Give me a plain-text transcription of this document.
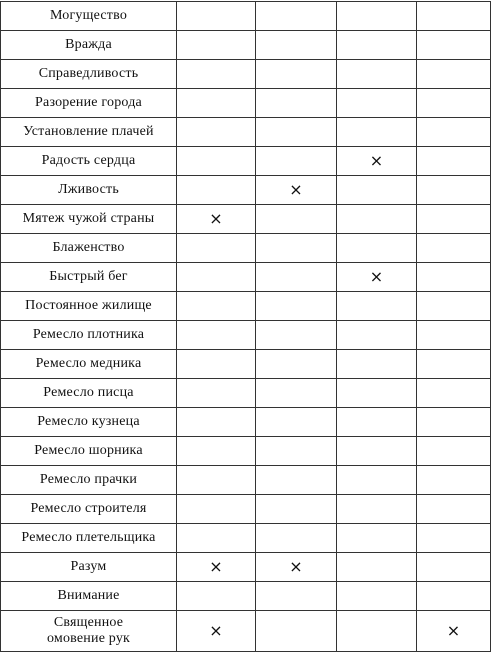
Могущество				
Вражда				
Справедливость				
Разорение города				
Установление плачей				
Радость сердца			×	
Лживость		×		
Мятеж чужой страны	×			
Блаженство				
Быстрый бег			×	
Постоянное жилище				
Ремесло плотника				
Ремесло медника				
Ремесло писца				
Ремесло кузнеца				
Ремесло шорника				
Ремесло прачки				
Ремесло строителя				
Ремесло плетельщика				
Разум	×	×		
Внимание				
Священное
омовение рук	×			×
